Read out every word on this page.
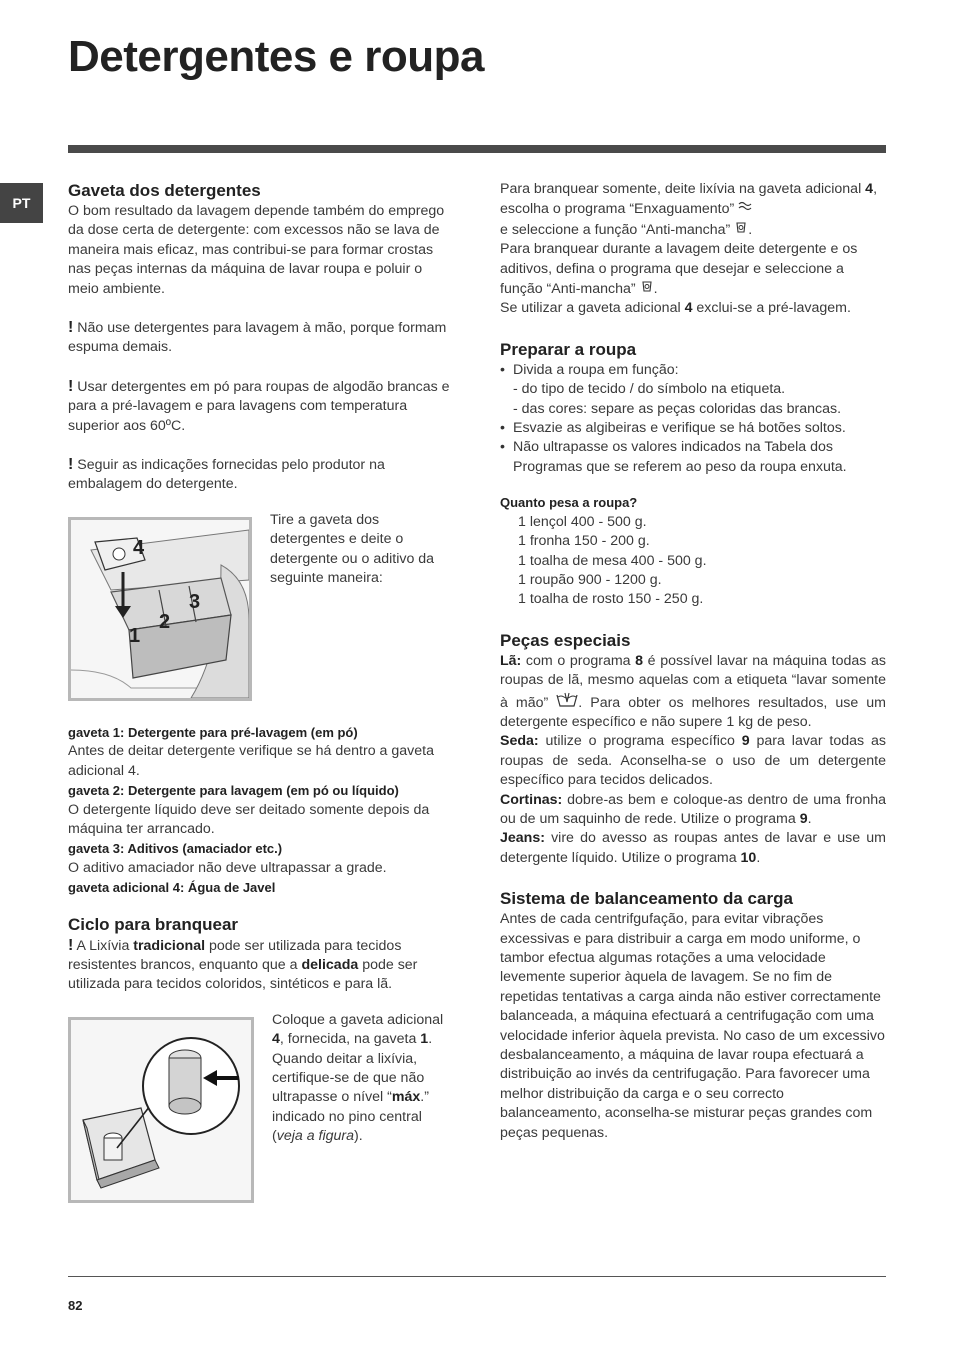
Detergentes e roupa
PT
Gaveta dos detergentes

O bom resultado da lavagem depende também do emprego da dose certa de detergente: com excessos não se lava de maneira mais eficaz, mas contribui-se para formar crostas nas peças internas da máquina de lavar roupa e poluir o meio ambiente.

! Não use detergentes para lavagem à mão, porque formam espuma demais.

! Usar detergentes em pó para roupas de algodão brancas e para a pré-lavagem e para lavagens com temperatura superior aos 60ºC.

! Seguir as indicações fornecidas pelo produtor na embalagem do detergente.

4
1
2
3

Tire a gaveta dos detergentes e deite o detergente ou o aditivo da seguinte maneira:

gaveta 1: Detergente para pré-lavagem (em pó)

Antes de deitar detergente verifique se há dentro a gaveta adicional 4.

gaveta 2: Detergente para lavagem (em pó ou líquido)

O detergente líquido deve ser deitado somente depois da máquina ter arrancado.

gaveta 3: Aditivos (amaciador etc.)

O aditivo amaciador não deve ultrapassar a grade.

gaveta adicional 4: Água de Javel

Ciclo para branquear

! A Lixívia tradicional pode ser utilizada para tecidos resistentes brancos, enquanto que a delicada pode ser utilizada para tecidos coloridos, sintéticos e para lã.

Coloque a gaveta adicional 4, fornecida, na gaveta 1. Quando deitar a lixívia, certifique-se de que não ultrapasse o nível “máx.” indicado no pino central (veja a figura).

Para branquear somente, deite lixívia na gaveta adicional 4, escolha o programa “Enxaguamento”

e seleccione a função “Anti-mancha” .

Para branquear durante a lavagem deite detergente e os aditivos, defina o programa que desejar e seleccione a função “Anti-mancha” .

Se utilizar a gaveta adicional 4 exclui-se a pré-lavagem.

Preparar a roupa
• Divida a roupa em função:
- do tipo de tecido / do símbolo na etiqueta.
- das cores: separe as peças coloridas das brancas.
• Esvazie as algibeiras e verifique se há botões soltos.
• Não ultrapasse os valores indicados na Tabela dos Programas que se referem ao peso da roupa enxuta.

Quanto pesa a roupa?

1 lençol 400 - 500 g.

1 fronha 150 - 200 g.

1 toalha de mesa 400 - 500 g.

1 roupão 900 - 1200 g.

1 toalha de rosto 150 - 250 g.

Peças especiais

Lã: com o programa 8 é possível lavar na máquina todas as roupas de lã, mesmo aquelas com a etiqueta “lavar somente à mão” . Para obter os melhores resultados, use um detergente específico e não supere 1 kg de peso.

Seda: utilize o programa específico 9 para lavar todas as roupas de seda. Aconselha-se o uso de um detergente específico para tecidos delicados.

Cortinas: dobre-as bem e coloque-as dentro de uma fronha ou de um saquinho de rede. Utilize o programa 9.

Jeans: vire do avesso as roupas antes de lavar e use um detergente líquido. Utilize o programa 10.

Sistema de balanceamento da carga

Antes de cada centrifgufação, para evitar vibrações excessivas e para distribuir a carga em modo uniforme, o tambor efectua algumas rotações a uma velocidade levemente superior àquela de lavagem. Se no fim de repetidas tentativas a carga ainda não estiver correctamente balanceada, a máquina efectuará a centrifugação com uma velocidade inferior àquela prevista. No caso de um excessivo desbalanceamento, a máquina de lavar roupa efectuará a distribuição ao invés da centrifugação. Para favorecer uma melhor distribuição da carga e o seu correcto balanceamento, aconselha-se misturar peças grandes com peças pequenas.

82
